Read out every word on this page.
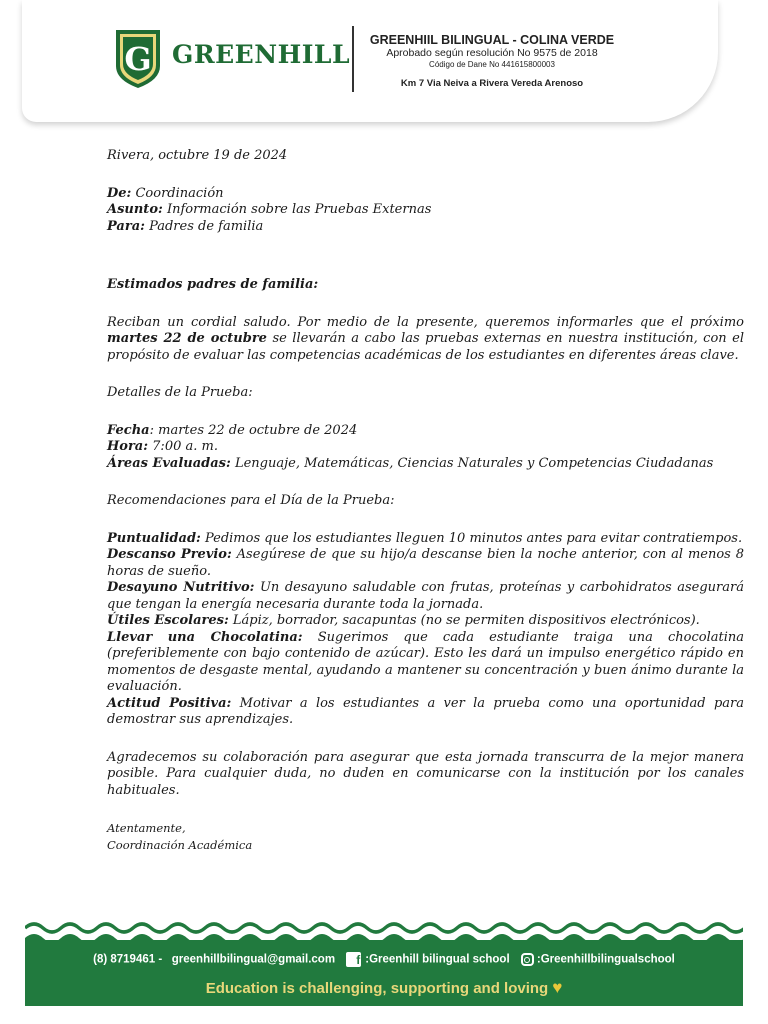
G GREENHILL	GREENHIIL BILINGUAL - COLINA VERDE
Aprobado según resolución No 9575 de 2018
Código de Dane No 441615800003
Km 7 Via Neiva a Rivera Vereda Arenoso

Rivera, octubre 19 de 2024

De: Coordinación

Asunto: Información sobre las Pruebas Externas

Para: Padres de familia

Estimados padres de familia:

Reciban un cordial saludo. Por medio de la presente, queremos informarles que el próximo martes 22 de octubre se llevarán a cabo las pruebas externas en nuestra institución, con el propósito de evaluar las competencias académicas de los estudiantes en diferentes áreas clave.

Detalles de la Prueba:

Fecha: martes 22 de octubre de 2024

Hora: 7:00 a. m.

Áreas Evaluadas: Lenguaje, Matemáticas, Ciencias Naturales y Competencias Ciudadanas

Recomendaciones para el Día de la Prueba:

Puntualidad: Pedimos que los estudiantes lleguen 10 minutos antes para evitar contratiempos.

Descanso Previo: Asegúrese de que su hijo/a descanse bien la noche anterior, con al menos 8 horas de sueño.

Desayuno Nutritivo: Un desayuno saludable con frutas, proteínas y carbohidratos asegurará que tengan la energía necesaria durante toda la jornada.

Útiles Escolares: Lápiz, borrador, sacapuntas (no se permiten dispositivos electrónicos).

Llevar una Chocolatina: Sugerimos que cada estudiante traiga una chocolatina (preferiblemente con bajo contenido de azúcar). Esto les dará un impulso energético rápido en momentos de desgaste mental, ayudando a mantener su concentración y buen ánimo durante la evaluación.

Actitud Positiva: Motivar a los estudiantes a ver la prueba como una oportunidad para demostrar sus aprendizajes.

Agradecemos su colaboración para asegurar que esta jornada transcurra de la mejor manera posible. Para cualquier duda, no duden en comunicarse con la institución por los canales habituales.

Atentamente,

Coordinación Académica

(8) 8719461 - greenhillbilingual@gmail.com f :Greenhill bilingual school :Greenhillbilingualschool
Education is challenging, supporting and loving ♥
